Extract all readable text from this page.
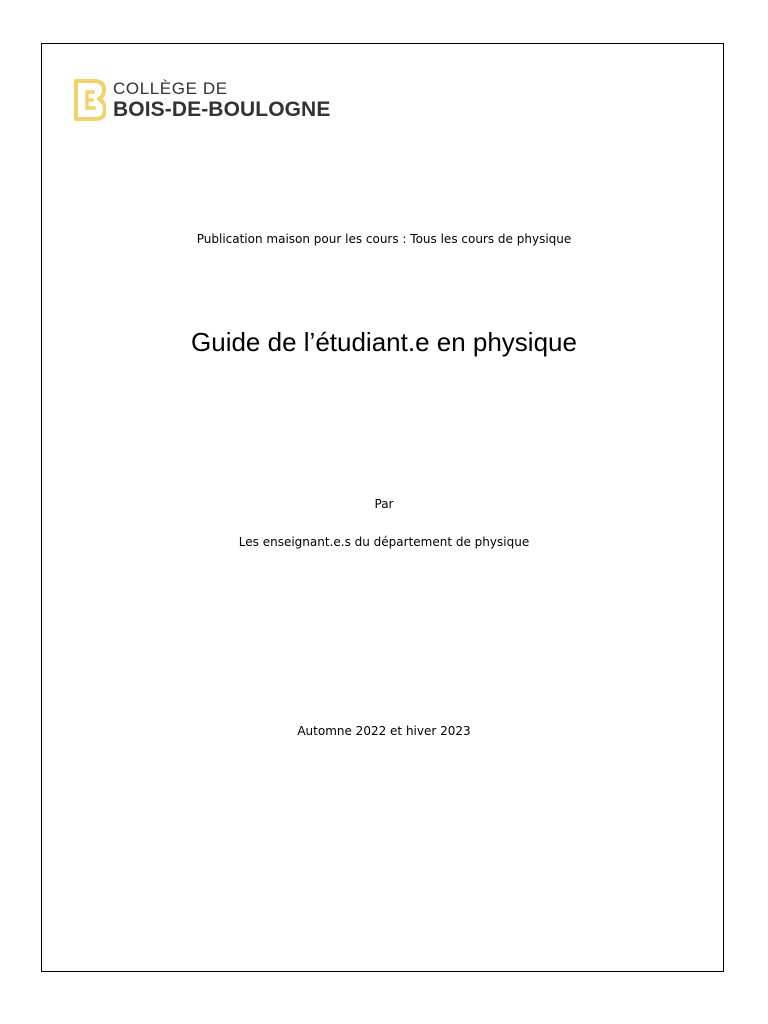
COLLÈGE DE
BOIS-DE-BOULOGNE
Publication maison pour les cours : Tous les cours de physique
Guide de l’étudiant.e en physique
Par
Les enseignant.e.s du département de physique
Automne 2022 et hiver 2023
